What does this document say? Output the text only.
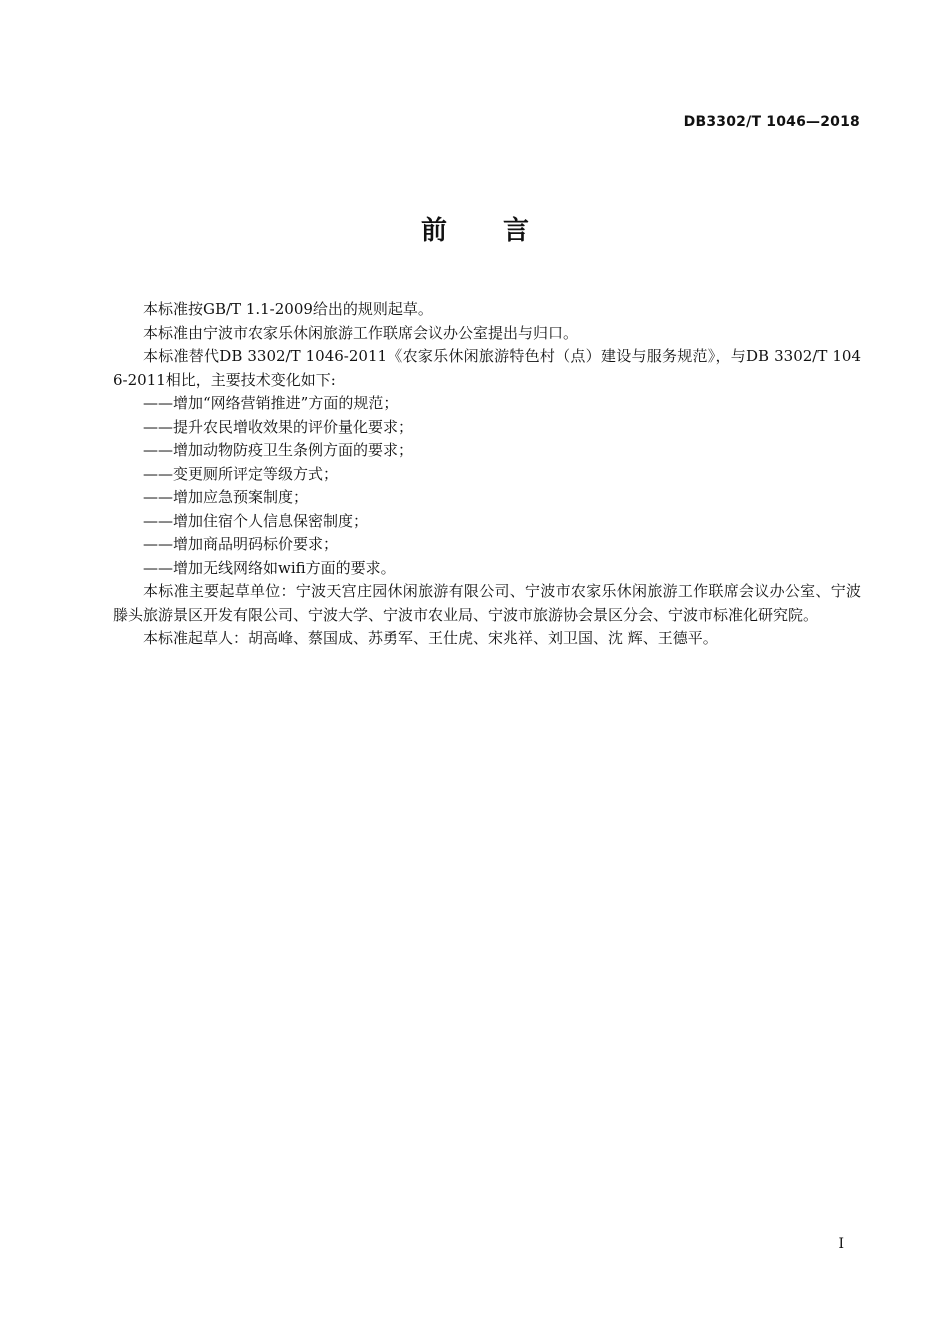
DB3302/T 1046—2018
前 言

本标准按GB/T 1.1-2009给出的规则起草。

本标准由宁波市农家乐休闲旅游工作联席会议办公室提出与归口。

本标准替代DB 3302/T 1046-2011《农家乐休闲旅游特色村（点）建设与服务规范》，与DB 3302/T 1046-2011相比，主要技术变化如下:

——增加“网络营销推进”方面的规范；

——提升农民增收效果的评价量化要求；

——增加动物防疫卫生条例方面的要求；

——变更厕所评定等级方式；

——增加应急预案制度；

——增加住宿个人信息保密制度；

——增加商品明码标价要求；

——增加无线网络如wifi方面的要求。

本标准主要起草单位：宁波天宫庄园休闲旅游有限公司、宁波市农家乐休闲旅游工作联席会议办公室、宁波滕头旅游景区开发有限公司、宁波大学、宁波市农业局、宁波市旅游协会景区分会、宁波市标准化研究院。

本标准起草人：胡高峰、蔡国成、苏勇军、王仕虎、宋兆祥、刘卫国、沈 辉、王德平。

I
